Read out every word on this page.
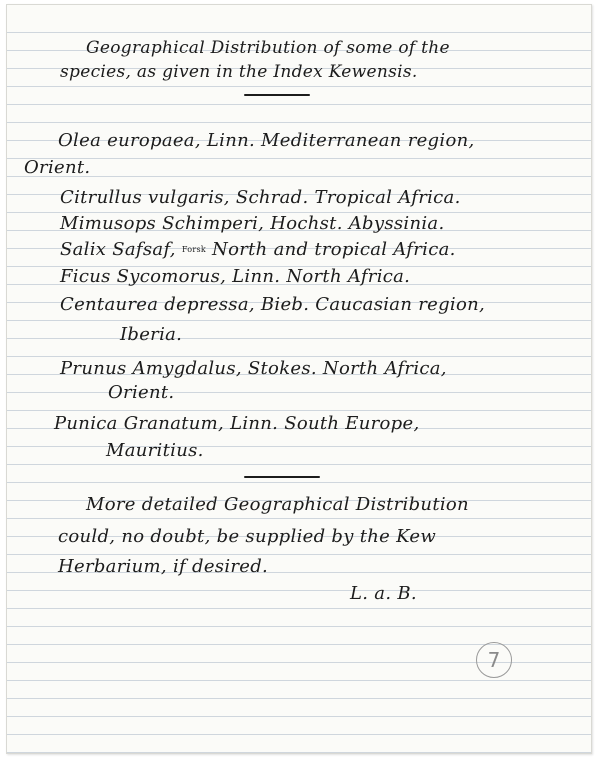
Geographical Distribution of some of the
species, as given in the Index Kewensis.
Olea europaea, Linn. Mediterranean region,
Orient.
Citrullus vulgaris, Schrad. Tropical Africa.
Mimusops Schimperi, Hochst. Abyssinia.
Salix Safsaf, Forsk North and tropical Africa.
Ficus Sycomorus, Linn. North Africa.
Centaurea depressa, Bieb. Caucasian region,
Iberia.
Prunus Amygdalus, Stokes. North Africa,
Orient.
Punica Granatum, Linn. South Europe,
Mauritius.
More detailed Geographical Distribution
could, no doubt, be supplied by the Kew
Herbarium, if desired.
L. a. B.
7
